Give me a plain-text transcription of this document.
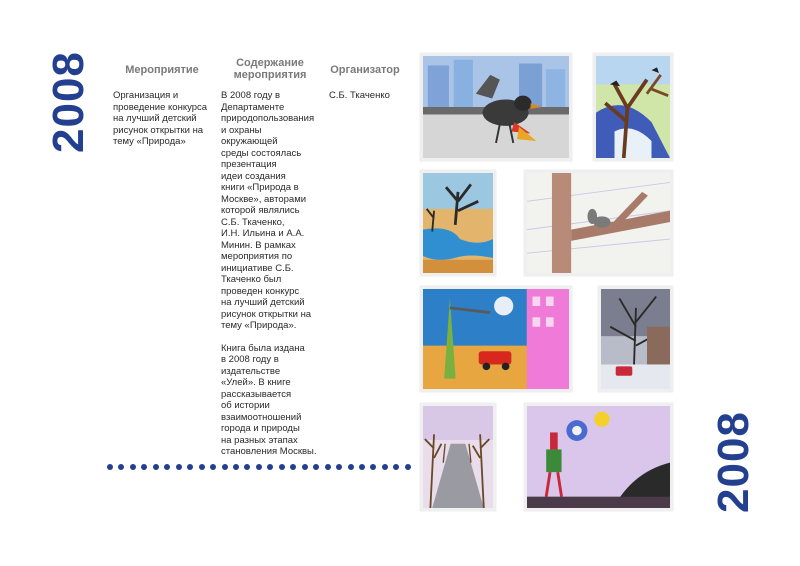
2008
2008
Мероприятие
Содержание
мероприятия	Организатор
Организация и
проведение конкурса
на лучший детский
рисунок открытки на
тему «Природа»

В 2008 году в
Департаменте
природопользования
и охраны
окружающей
среды состоялась
презентация
идеи создания
книги «Природа в
Москве», авторами
которой являлись
С.Б. Ткаченко,
И.Н. Ильина и А.А.
Минин. В рамках
мероприятия по
инициативе С.Б.
Ткаченко был
проведен конкурс
на лучший детский
рисунок открытки на
тему «Природа».

Книга была издана
в 2008 году в
издательстве
«Улей». В книге
рассказывается
об истории
взаимоотношений
города и природы
на разных этапах
становления Москвы.

С.Б. Ткаченко
